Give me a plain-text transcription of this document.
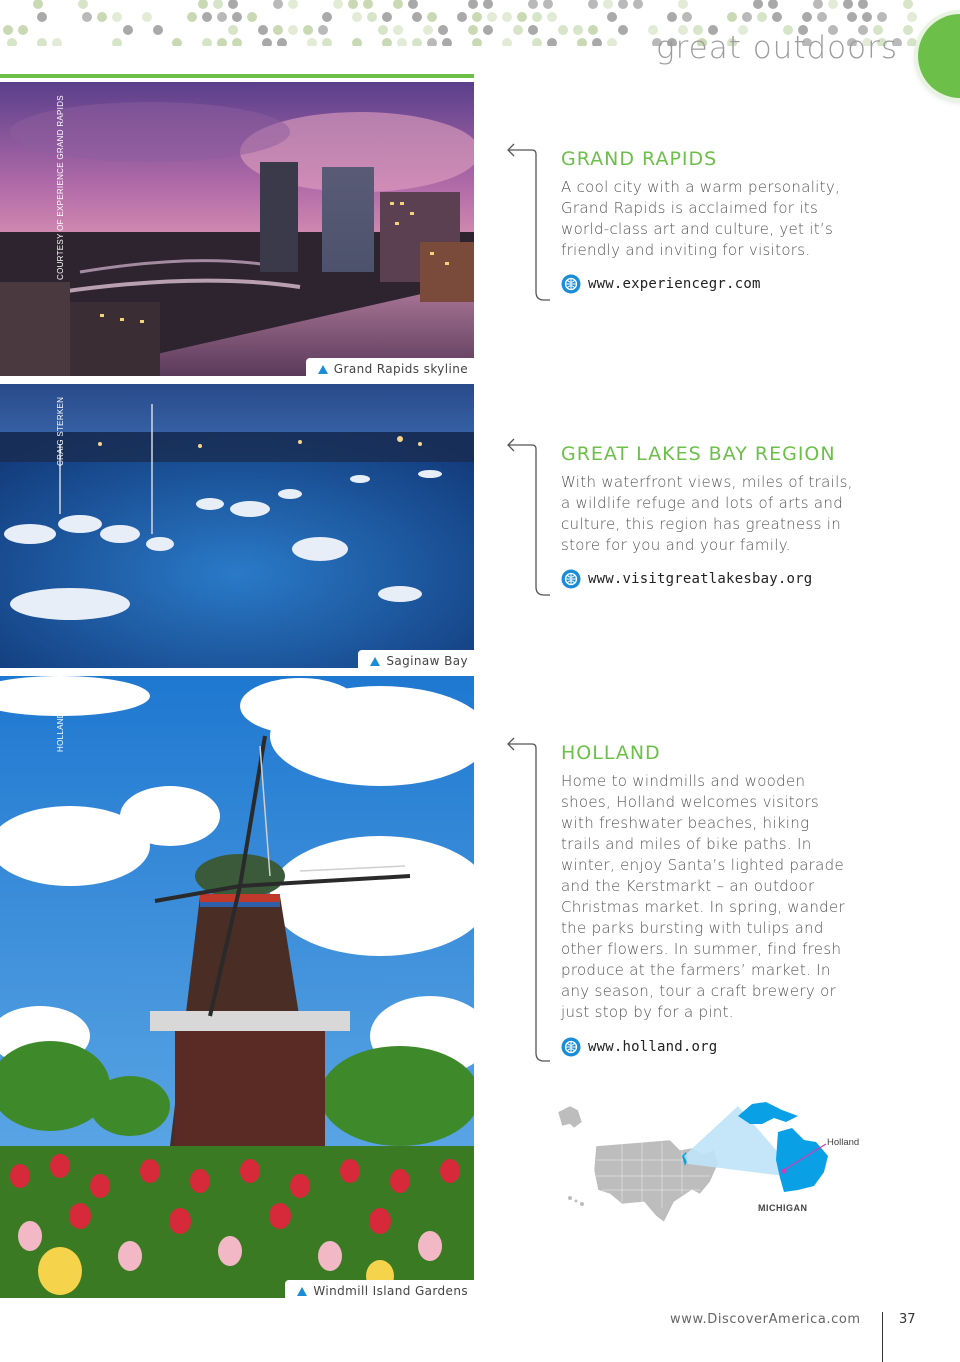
great outdoors
COURTESY OF EXPERIENCE GRAND RAPIDS
Grand Rapids skyline
CRAIG STERKEN
Saginaw Bay
HOLLAND CVB
Windmill Island Gardens
GRAND RAPIDS
A cool city with a warm personality, Grand Rapids is acclaimed for its world-class art and culture, yet it’s friendly and inviting for visitors.
www.experiencegr.com
GREAT LAKES BAY REGION
With waterfront views, miles of trails, a wildlife refuge and lots of arts and culture, this region has greatness in store for you and your family.
www.visitgreatlakesbay.org
HOLLAND
Home to windmills and wooden shoes, Holland welcomes visitors with freshwater beaches, hiking trails and miles of bike paths. In winter, enjoy Santa’s lighted parade and the Kerstmarkt – an outdoor Christmas market. In spring, wander the parks bursting with tulips and other flowers. In summer, find fresh produce at the farmers’ market. In any season, tour a craft brewery or just stop by for a pint.
www.holland.org
Holland
MICHIGAN
www.DiscoverAmerica.com	37
